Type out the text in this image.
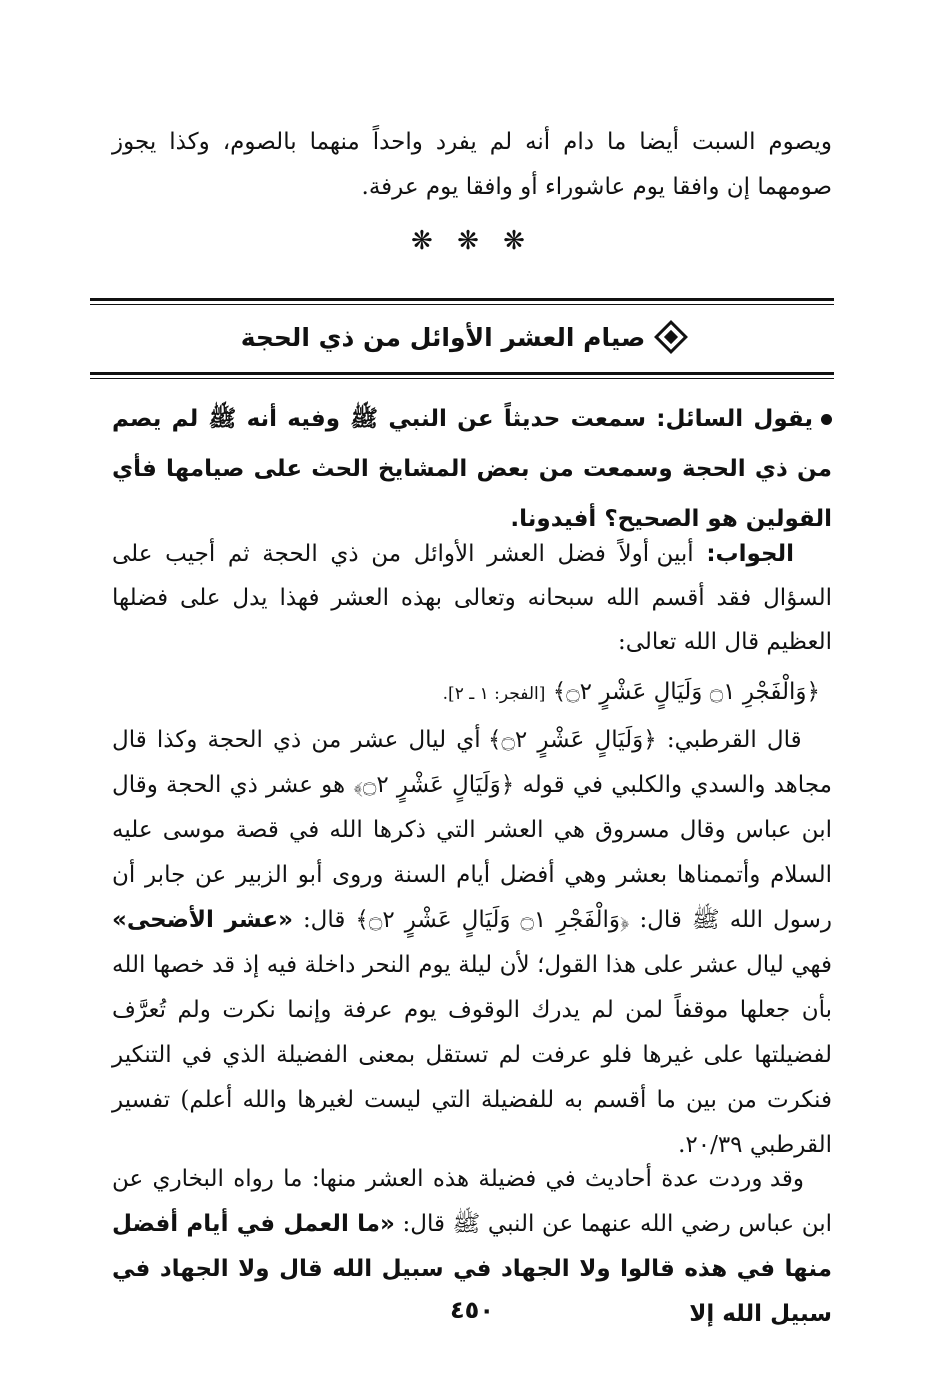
ويصوم السبت أيضا ما دام أنه لم يفرد واحداً منهما بالصوم، وكذا يجوز صومهما إن وافقا يوم عاشوراء أو وافقا يوم عرفة.

❋ ❋ ❋
صيام العشر الأوائل من ذي الحجة

يقول السائل: سمعت حديثاً عن النبي ﷺ وفيه أنه ﷺ لم يصم من ذي الحجة وسمعت من بعض المشايخ الحث على صيامها فأي القولين هو الصحيح؟ أفيدونا.

الجواب: أبين أولاً فضل العشر الأوائل من ذي الحجة ثم أجيب على السؤال فقد أقسم الله سبحانه وتعالى بهذه العشر فهذا يدل على فضلها العظيم قال الله تعالى:

﴿وَالْفَجْرِ ۝١ وَلَيَالٍ عَشْرٍ ۝٢﴾ [الفجر: ١ ـ ٢].

قال القرطبي: ﴿وَلَيَالٍ عَشْرٍ ۝٢﴾ أي ليال عشر من ذي الحجة وكذا قال مجاهد والسدي والكلبي في قوله ﴿وَلَيَالٍ عَشْرٍ ۝٢﴾ هو عشر ذي الحجة وقال ابن عباس وقال مسروق هي العشر التي ذكرها الله في قصة موسى عليه السلام وأتممناها بعشر وهي أفضل أيام السنة وروى أبو الزبير عن جابر أن رسول الله ﷺ قال: ﴿وَالْفَجْرِ ۝١ وَلَيَالٍ عَشْرٍ ۝٢﴾ قال: «عشر الأضحى» فهي ليال عشر على هذا القول؛ لأن ليلة يوم النحر داخلة فيه إذ قد خصها الله بأن جعلها موقفاً لمن لم يدرك الوقوف يوم عرفة وإنما نكرت ولم تُعرَّف لفضيلتها على غيرها فلو عرفت لم تستقل بمعنى الفضيلة الذي في التنكير فنكرت من بين ما أقسم به للفضيلة التي ليست لغيرها والله أعلم) تفسير القرطبي ٢٠/٣٩.

وقد وردت عدة أحاديث في فضيلة هذه العشر منها: ما رواه البخاري عن ابن عباس رضي الله عنهما عن النبي ﷺ قال: «ما العمل في أيام أفضل منها في هذه قالوا ولا الجهاد في سبيل الله قال ولا الجهاد في سبيل الله إلا

٤٥٠
